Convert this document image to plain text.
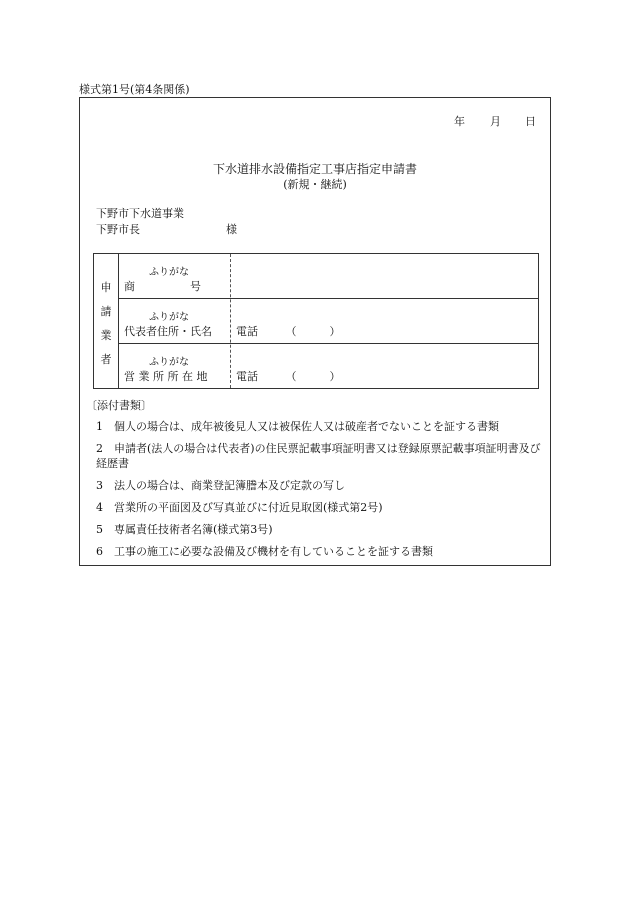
様式第1号(第4条関係)
年 月 日
下水道排水設備指定工事店指定申請書
(新規・継続)
下野市下水道事業
下野市長	様
申
請
業
者
ふりがな
商　　　　　号
ふりがな
代表者住所・氏名 電話　　　（　　　）
ふりがな
営 業 所 所 在 地	電話　　　（　　　）
〔添付書類〕
1　 個人の場合は、成年被後見人又は被保佐人又は破産者でないことを証する書類
2　 申請者(法人の場合は代表者)の住民票記載事項証明書又は登録原票記載事項証明書及び経歴書
3　 法人の場合は、商業登記簿謄本及び定款の写し
4　 営業所の平面図及び写真並びに付近見取図(様式第2号)
5　 専属責任技術者名簿(様式第3号)
6　 工事の施工に必要な設備及び機材を有していることを証する書類
